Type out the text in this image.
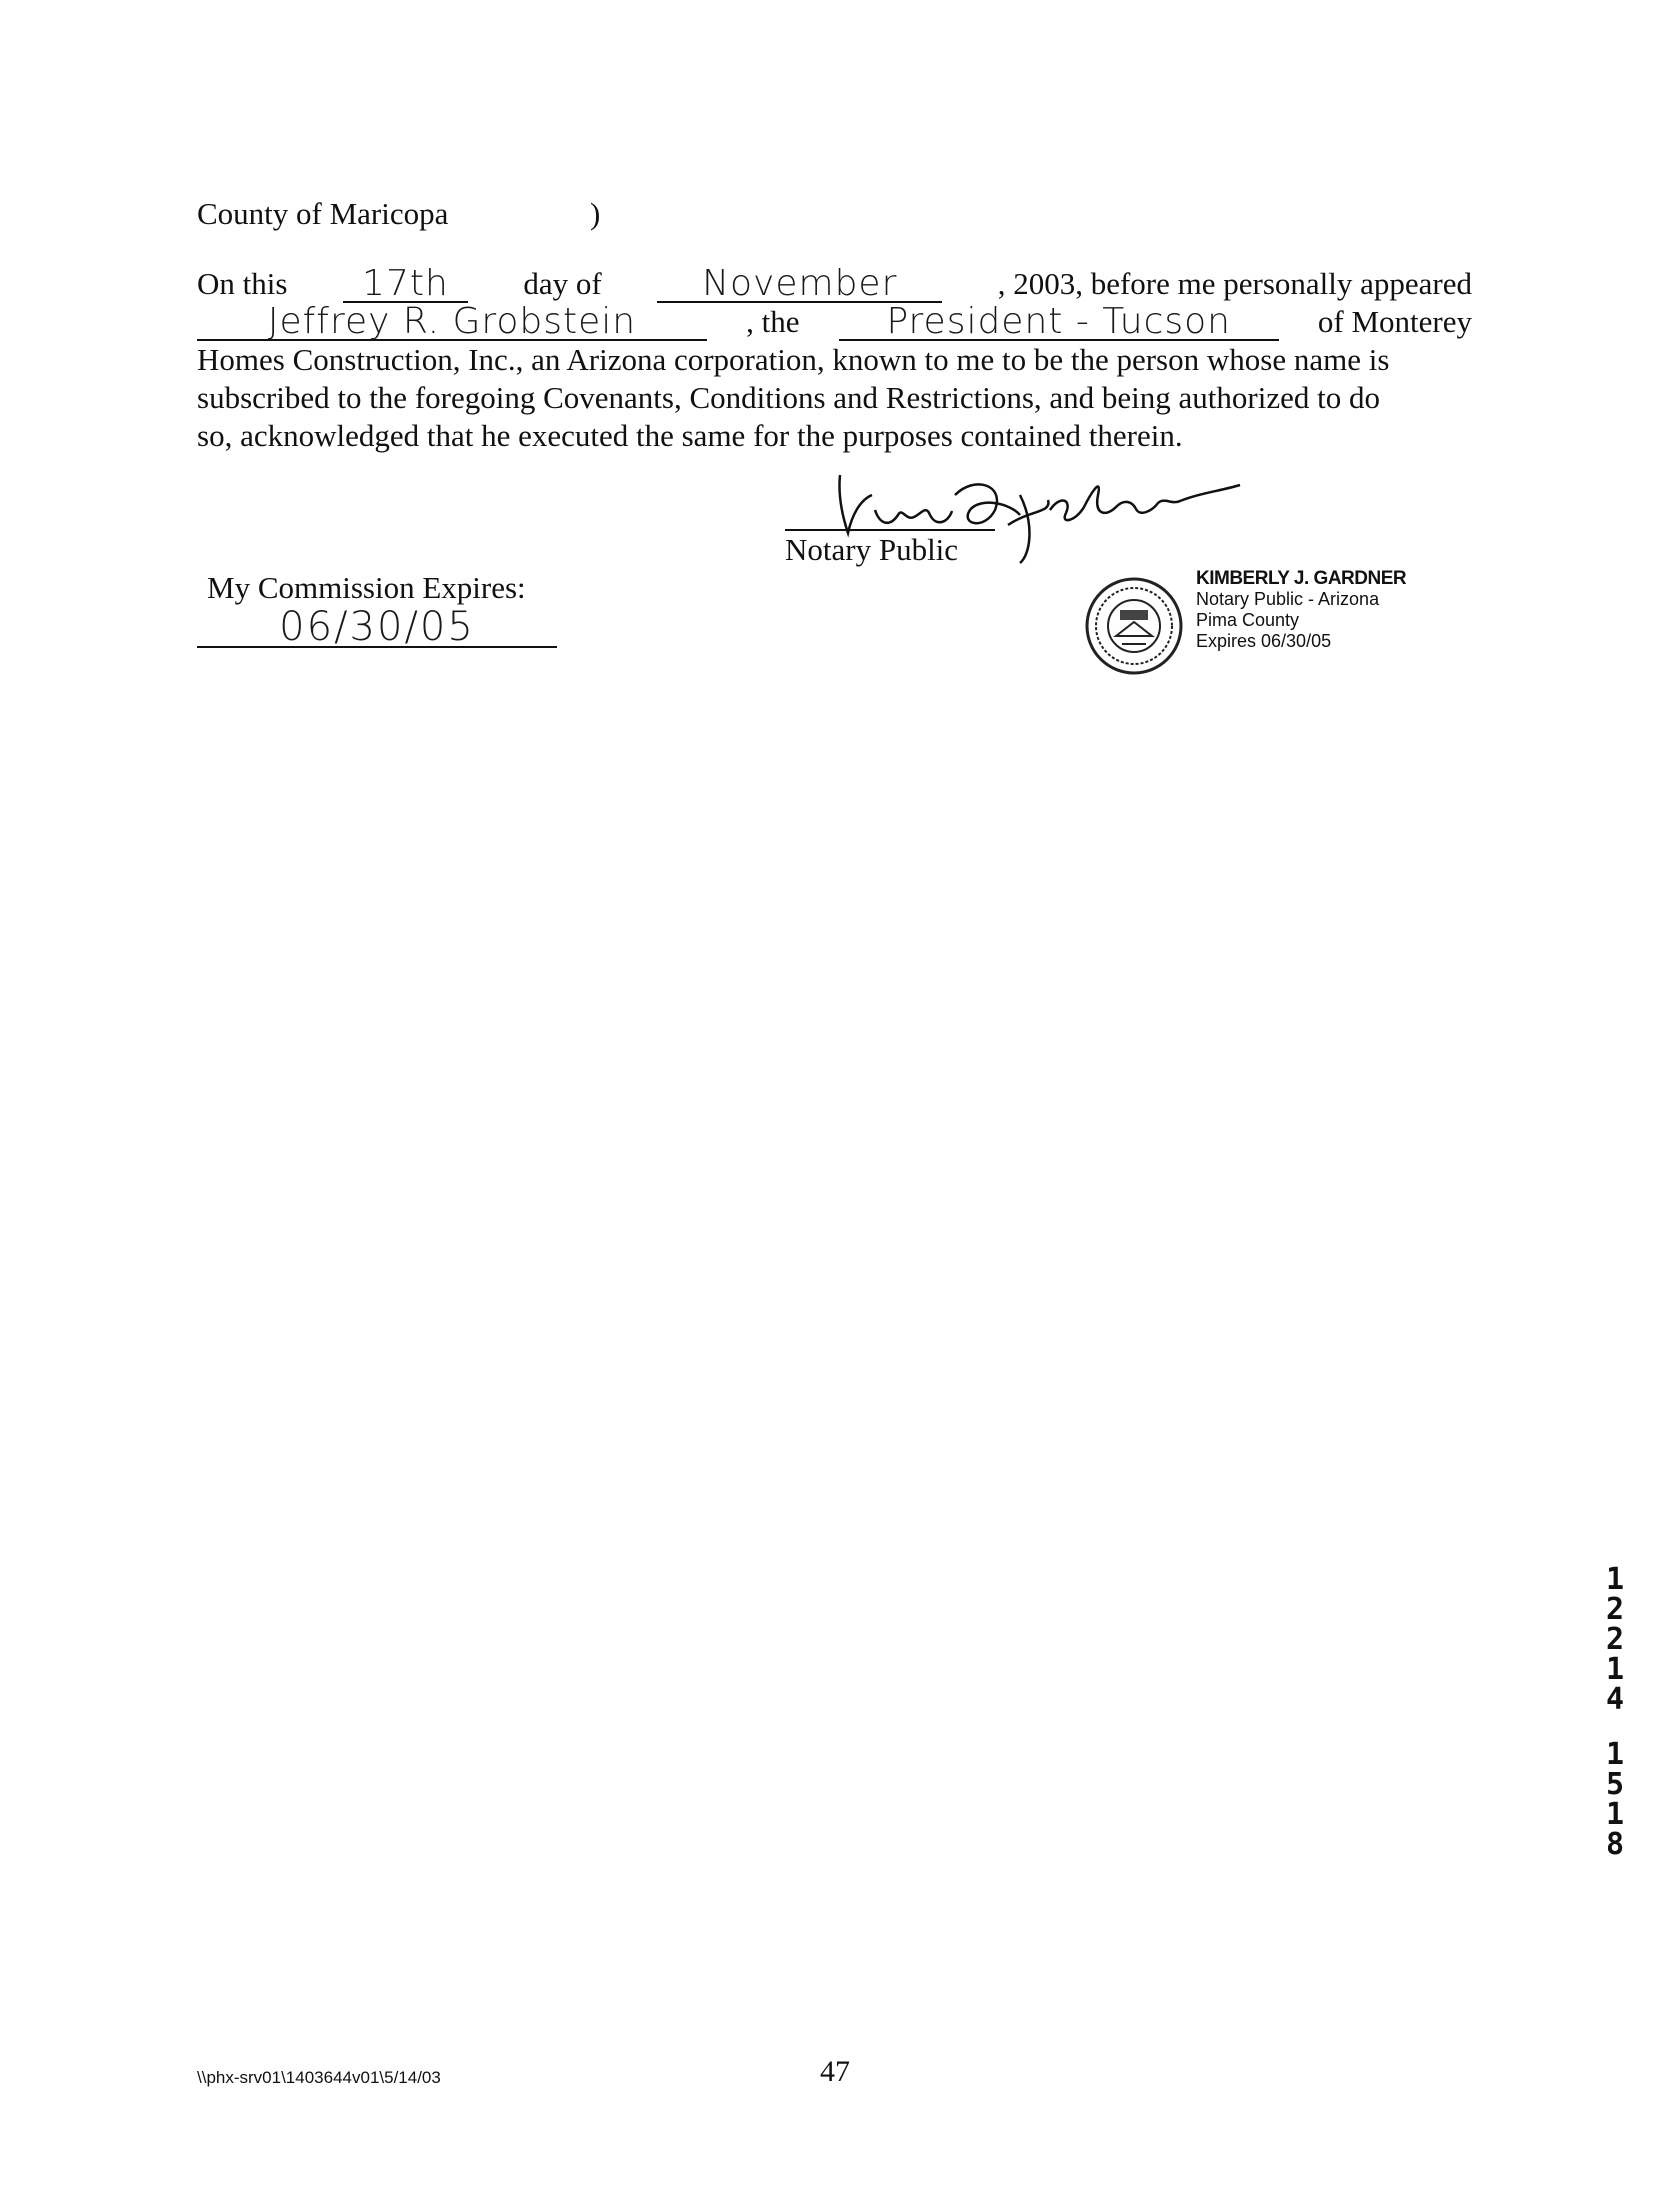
County of Maricopa	)
On this	17th	day of	November	, 2003, before me personally appeared
Jeffrey R. Grobstein	, the	President - Tucson	of Monterey
Homes Construction, Inc., an Arizona corporation, known to me to be the person whose name is
subscribed to the foregoing Covenants, Conditions and Restrictions, and being authorized to do
so, acknowledged that he executed the same for the purposes contained therein.
Notary Public
My Commission Expires:
06/30/05
KIMBERLY J. GARDNER
Notary Public - Arizona
Pima County
Expires 06/30/05
1
2
2
1
4
1
5
1
8
\\phx-srv01\1403644v01\5/14/03	47
